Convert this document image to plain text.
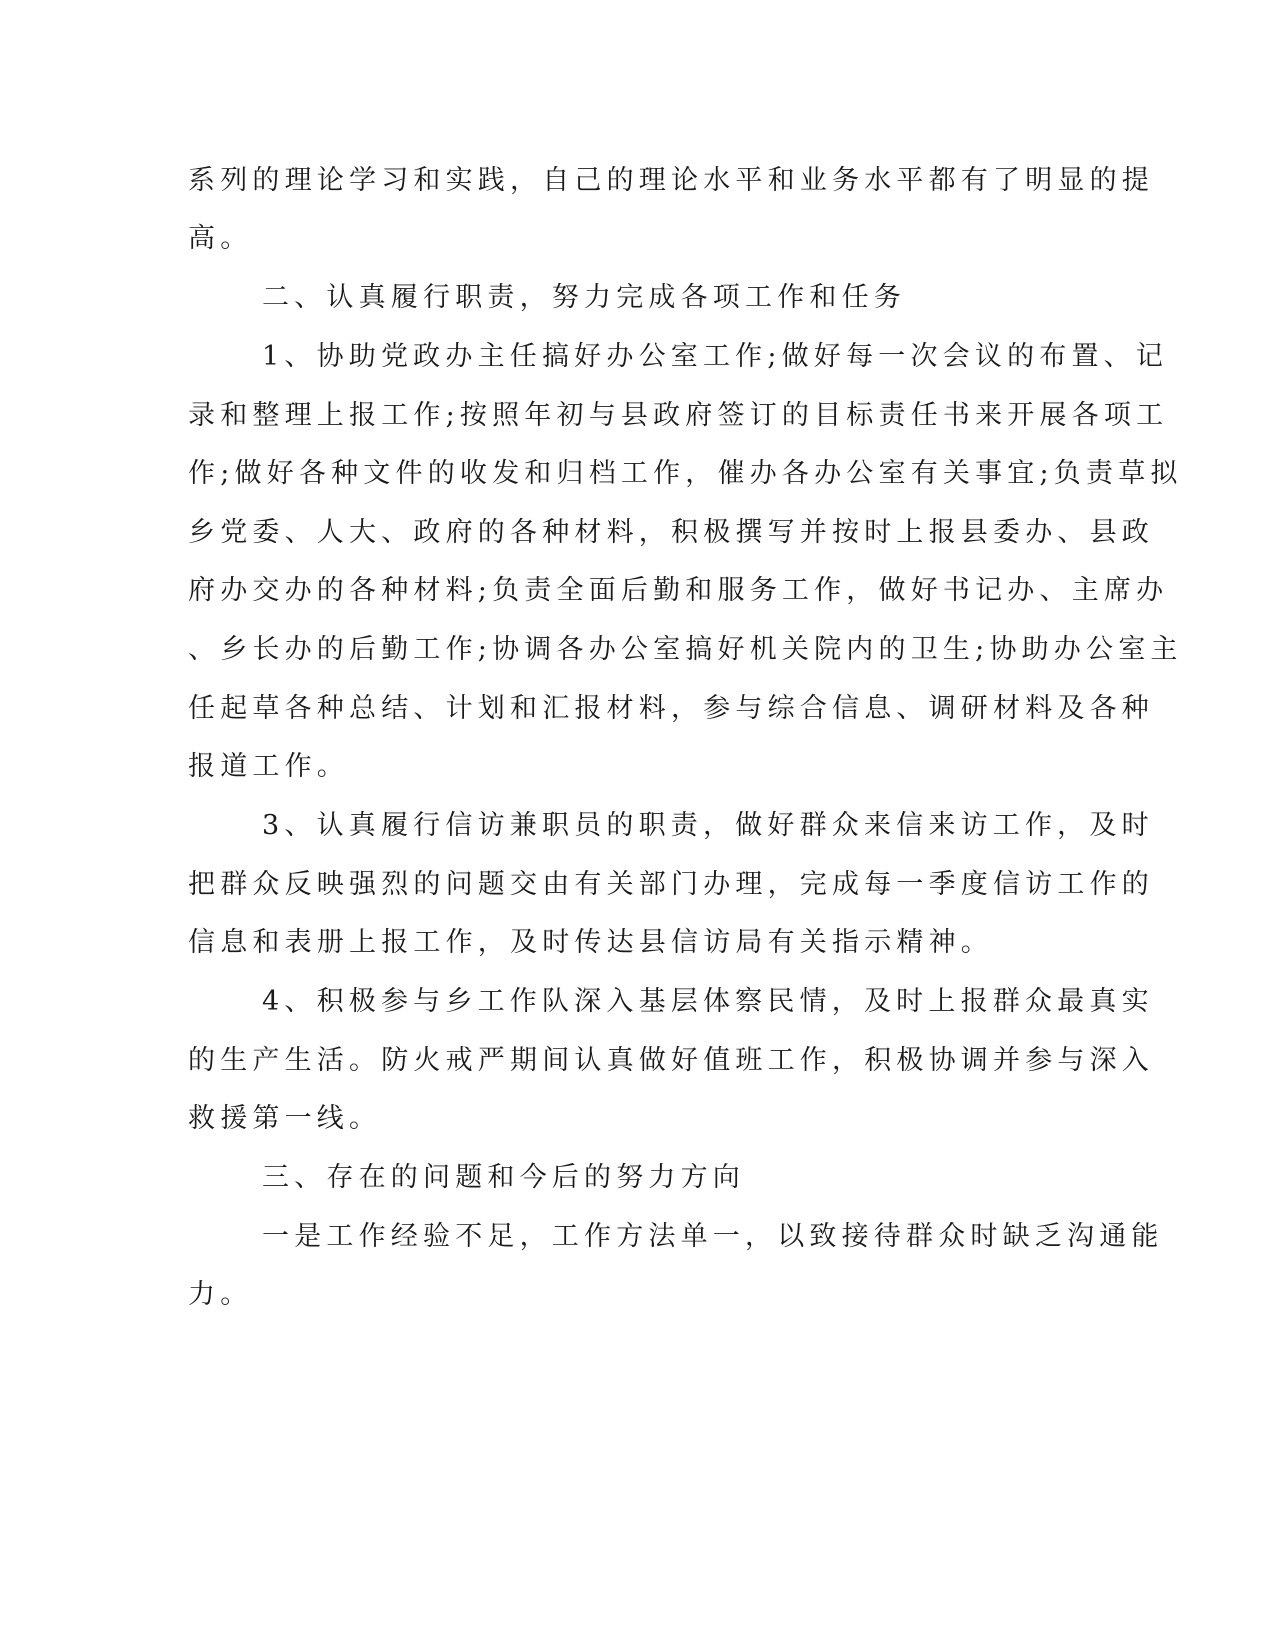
系列的理论学习和实践，自己的理论水平和业务水平都有了明显的提
高。
二、认真履行职责，努力完成各项工作和任务
1、协助党政办主任搞好办公室工作;做好每一次会议的布置、记
录和整理上报工作;按照年初与县政府签订的目标责任书来开展各项工
作;做好各种文件的收发和归档工作，催办各办公室有关事宜;负责草拟
乡党委、人大、政府的各种材料，积极撰写并按时上报县委办、县政
府办交办的各种材料;负责全面后勤和服务工作，做好书记办、主席办
、乡长办的后勤工作;协调各办公室搞好机关院内的卫生;协助办公室主
任起草各种总结、计划和汇报材料，参与综合信息、调研材料及各种
报道工作。
3、认真履行信访兼职员的职责，做好群众来信来访工作，及时
把群众反映强烈的问题交由有关部门办理，完成每一季度信访工作的
信息和表册上报工作，及时传达县信访局有关指示精神。
4、积极参与乡工作队深入基层体察民情，及时上报群众最真实
的生产生活。防火戒严期间认真做好值班工作，积极协调并参与深入
救援第一线。
三、存在的问题和今后的努力方向
一是工作经验不足，工作方法单一，以致接待群众时缺乏沟通能
力。
